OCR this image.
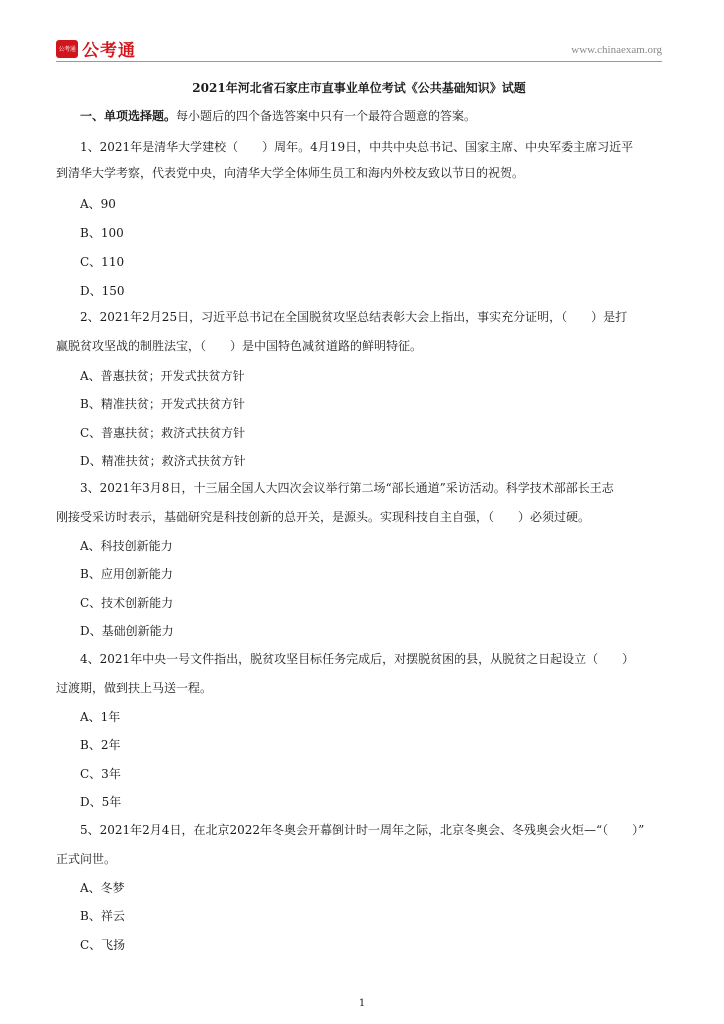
公考通 公考通	www.chinaexam.org
2021年河北省石家庄市直事业单位考试《公共基础知识》试题
一、单项选择题。每小题后的四个备选答案中只有一个最符合题意的答案。
1、2021年是清华大学建校（　　）周年。4月19日，中共中央总书记、国家主席、中央军委主席习近平
到清华大学考察，代表党中央，向清华大学全体师生员工和海内外校友致以节日的祝贺。
A、90
B、100
C、110
D、150
2、2021年2月25日，习近平总书记在全国脱贫攻坚总结表彰大会上指出，事实充分证明，（　　）是打
赢脱贫攻坚战的制胜法宝，（　　）是中国特色减贫道路的鲜明特征。
A、普惠扶贫；开发式扶贫方针
B、精准扶贫；开发式扶贫方针
C、普惠扶贫；救济式扶贫方针
D、精准扶贫；救济式扶贫方针
3、2021年3月8日，十三届全国人大四次会议举行第二场“部长通道”采访活动。科学技术部部长王志
刚接受采访时表示，基础研究是科技创新的总开关，是源头。实现科技自主自强，（　　）必须过硬。
A、科技创新能力
B、应用创新能力
C、技术创新能力
D、基础创新能力
4、2021年中央一号文件指出，脱贫攻坚目标任务完成后，对摆脱贫困的县，从脱贫之日起设立（　　）
过渡期，做到扶上马送一程。
A、1年
B、2年
C、3年
D、5年
5、2021年2月4日，在北京2022年冬奥会开幕倒计时一周年之际，北京冬奥会、冬残奥会火炬—“（　　）”
正式问世。
A、冬梦
B、祥云
C、飞扬
1
